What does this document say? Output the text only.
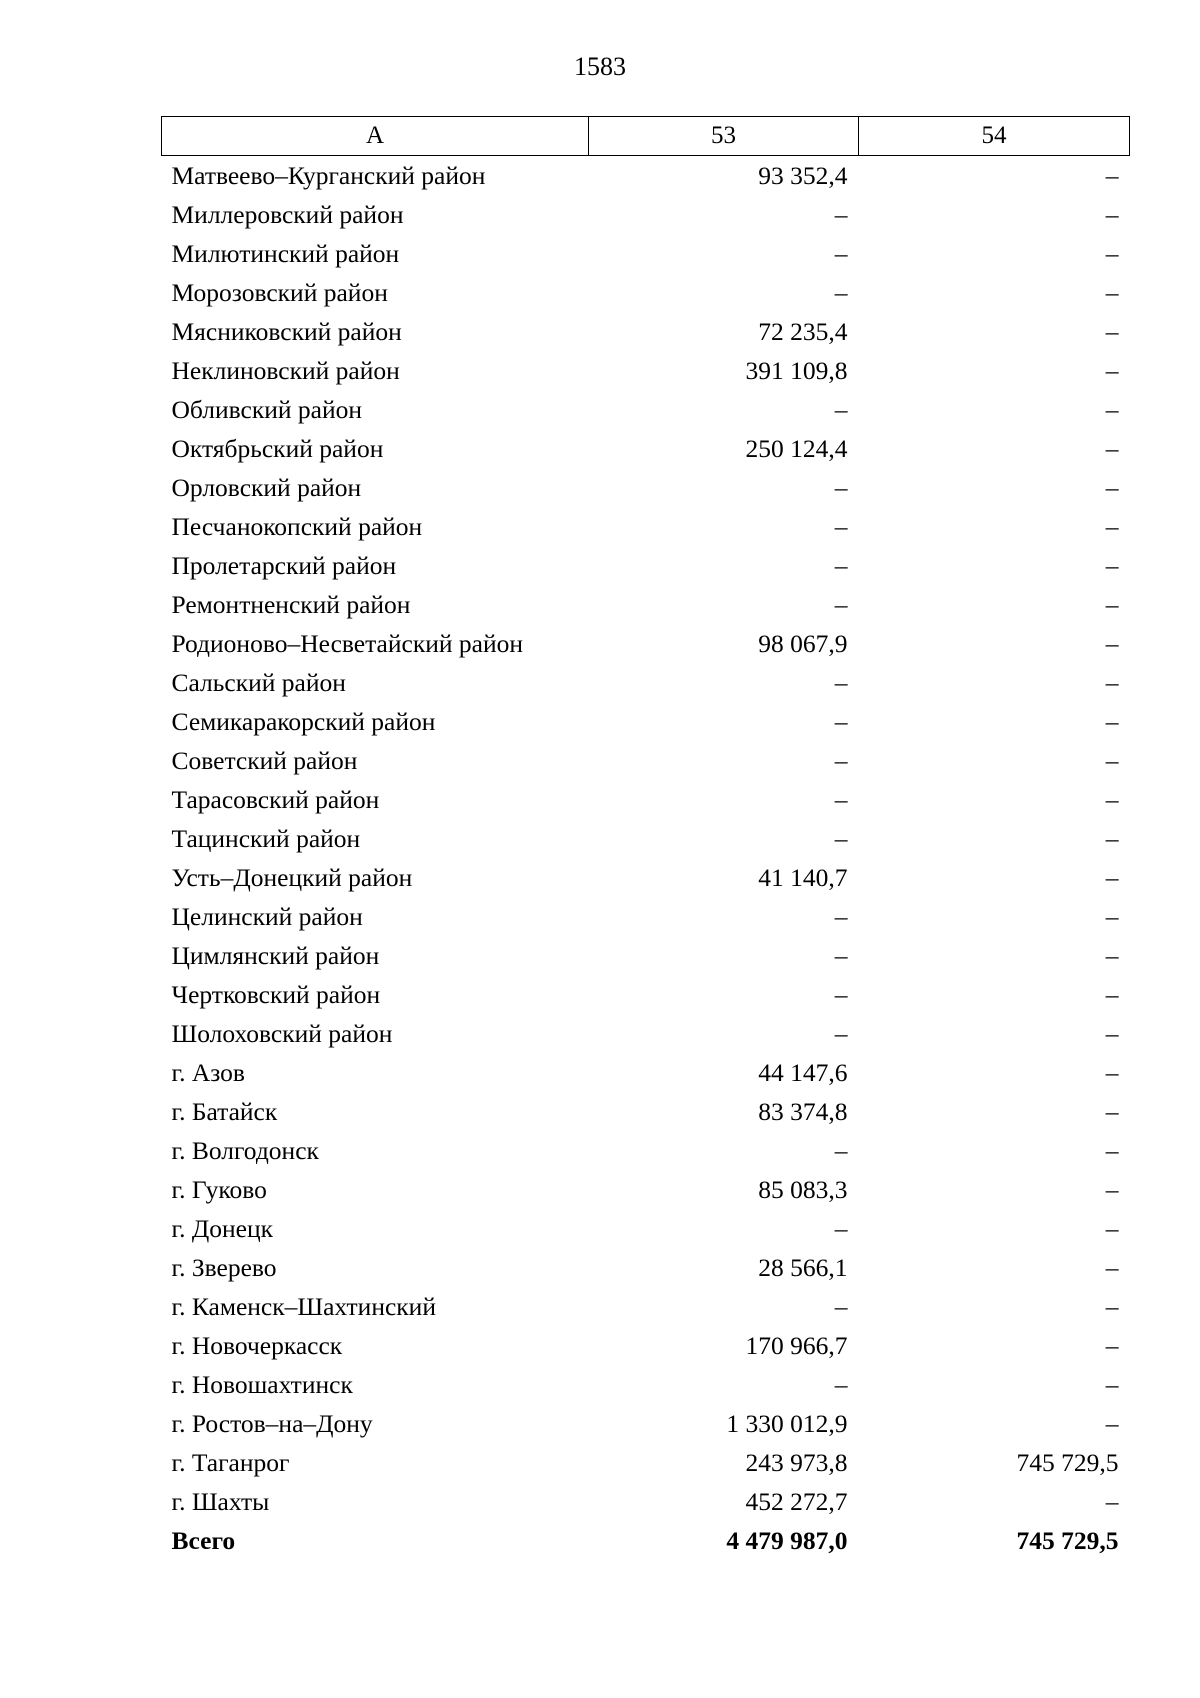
1583
А	53	54
Матвеево–Курганский район	93 352,4	–
Миллеровский район	–	–
Милютинский район	–	–
Морозовский район	–	–
Мясниковский район	72 235,4	–
Неклиновский район	391 109,8	–
Обливский район	–	–
Октябрьский район	250 124,4	–
Орловский район	–	–
Песчанокопский район	–	–
Пролетарский район	–	–
Ремонтненский район	–	–
Родионово–Несветайский район	98 067,9	–
Сальский район	–	–
Семикаракорский район	–	–
Советский район	–	–
Тарасовский район	–	–
Тацинский район	–	–
Усть–Донецкий район	41 140,7	–
Целинский район	–	–
Цимлянский район	–	–
Чертковский район	–	–
Шолоховский район	–	–
г. Азов	44 147,6	–
г. Батайск	83 374,8	–
г. Волгодонск	–	–
г. Гуково	85 083,3	–
г. Донецк	–	–
г. Зверево	28 566,1	–
г. Каменск–Шахтинский	–	–
г. Новочеркасск	170 966,7	–
г. Новошахтинск	–	–
г. Ростов–на–Дону	1 330 012,9	–
г. Таганрог	243 973,8	745 729,5
г. Шахты	452 272,7	–
Всего	4 479 987,0	745 729,5
